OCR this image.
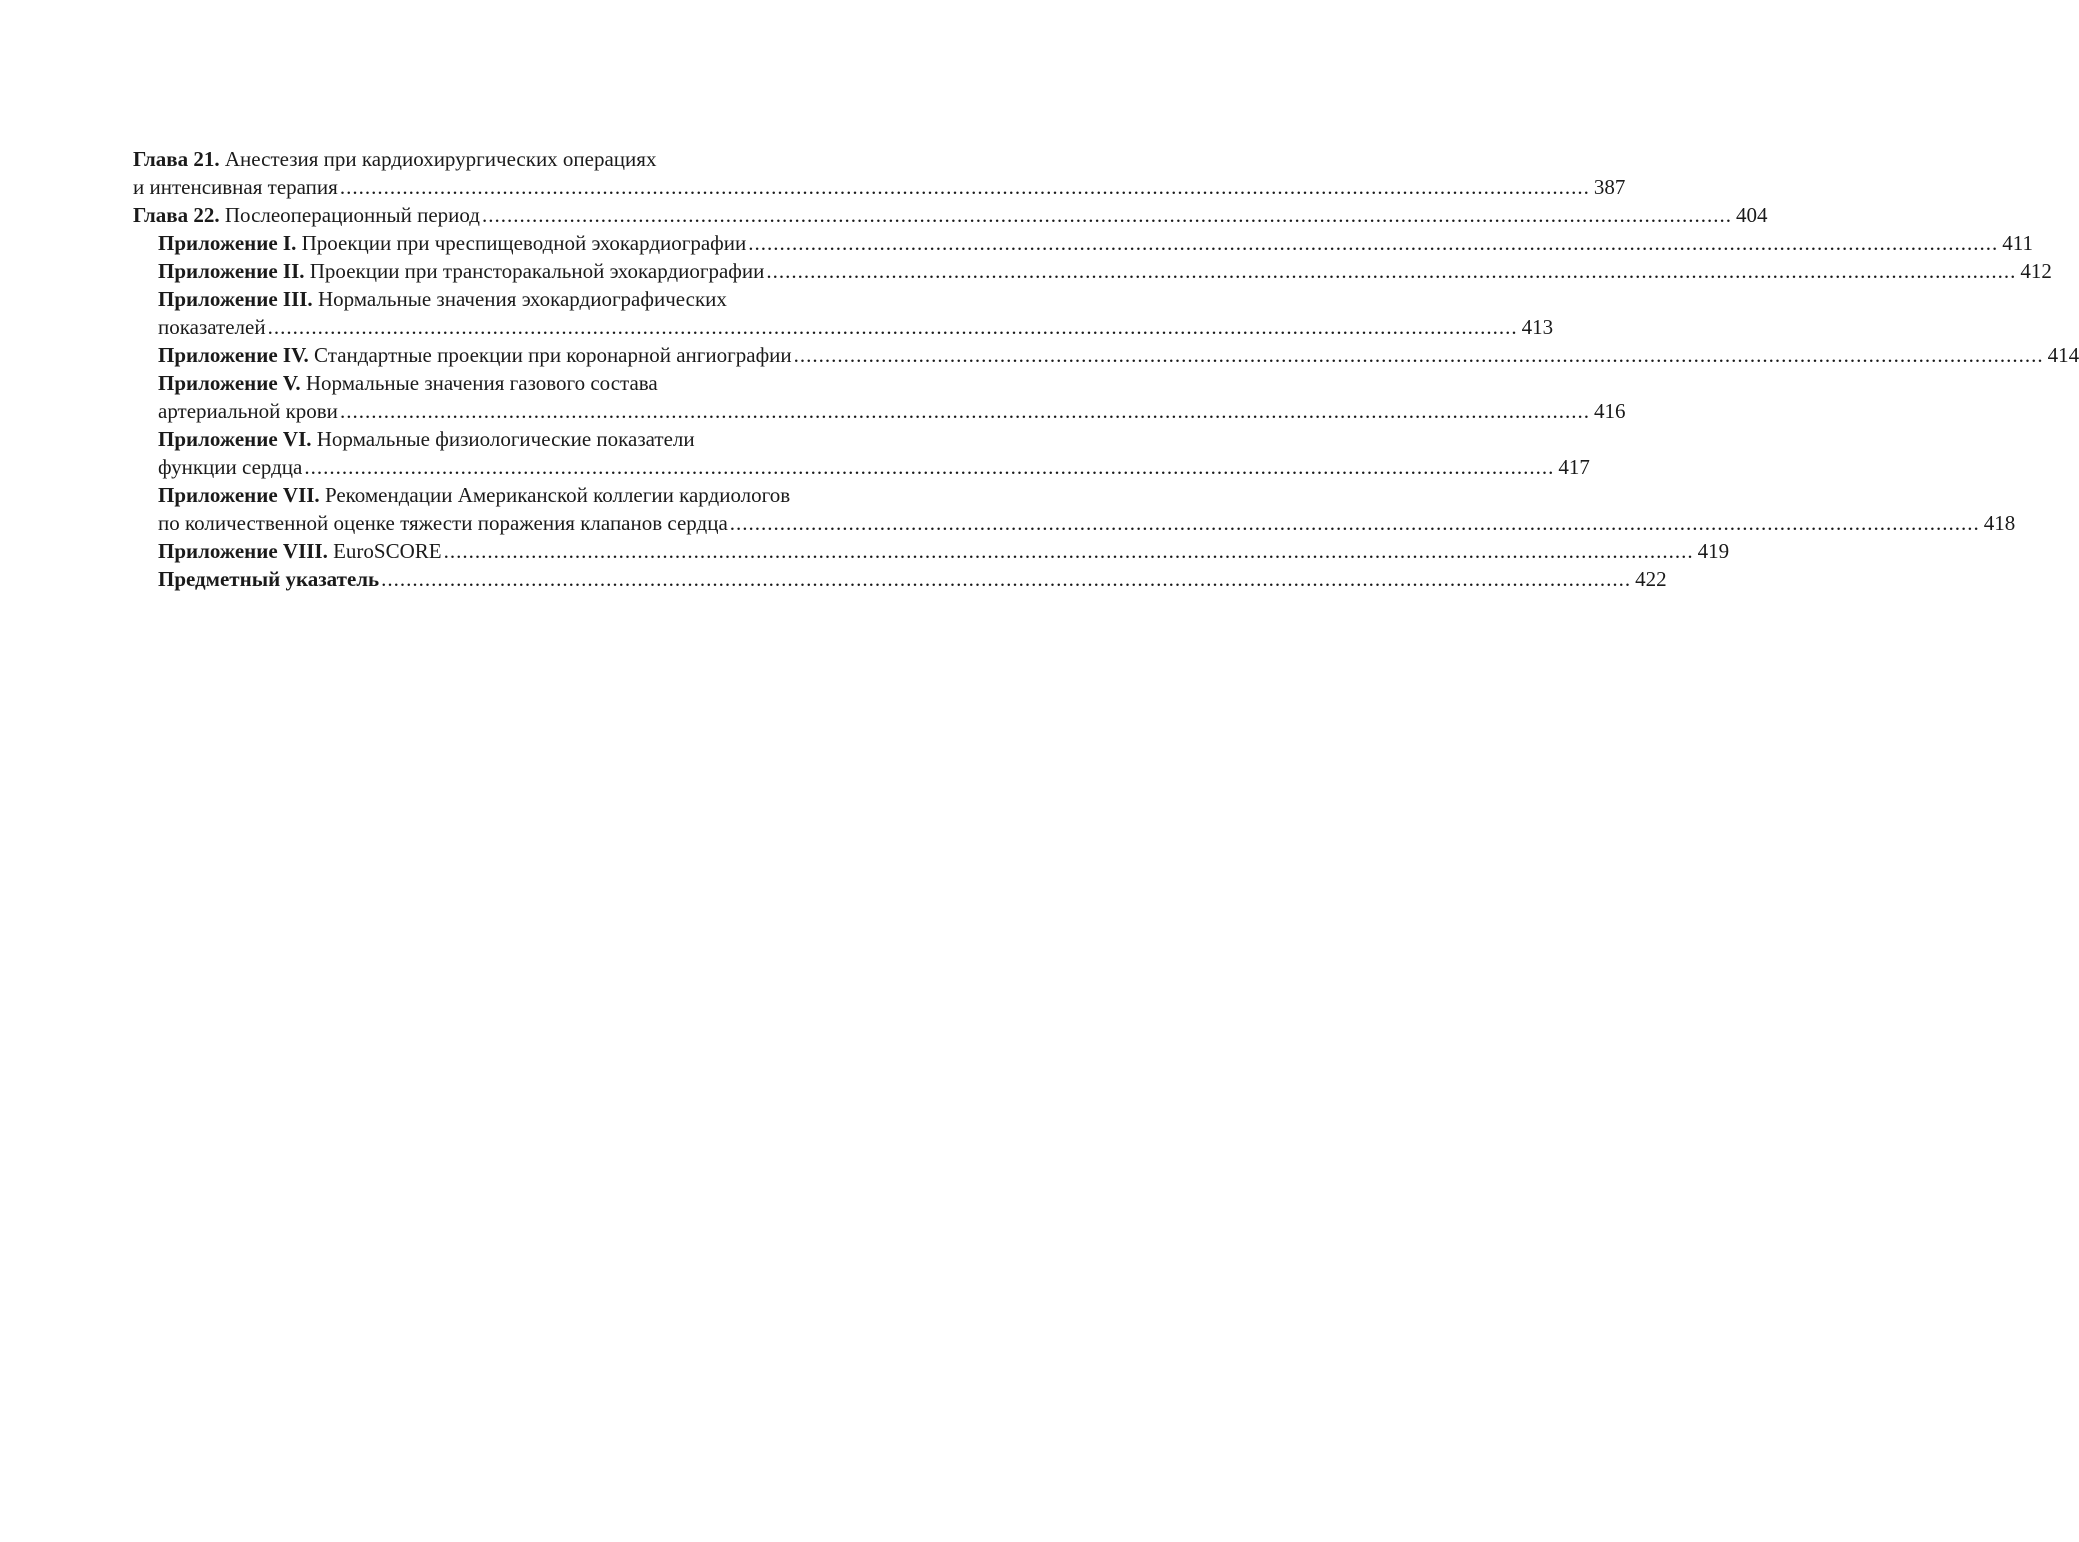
Глава 21. Анестезия при кардиохирургических операциях
и интенсивная терапия ........................................................................................................................................................................................................ 387
Глава 22. Послеоперационный период ........................................................................................................................................................................................................ 404
Приложение I. Проекции при чреспищеводной эхокардиографии ........................................................................................................................................................................................................ 411
Приложение II. Проекции при трансторакальной эхокардиографии ........................................................................................................................................................................................................ 412
Приложение III. Нормальные значения эхокардиографических
показателей ........................................................................................................................................................................................................ 413
Приложение IV. Стандартные проекции при коронарной ангиографии ........................................................................................................................................................................................................ 414
Приложение V. Нормальные значения газового состава
артериальной крови ........................................................................................................................................................................................................ 416
Приложение VI. Нормальные физиологические показатели
функции сердца ........................................................................................................................................................................................................ 417
Приложение VII. Рекомендации Американской коллегии кардиологов
по количественной оценке тяжести поражения клапанов сердца ........................................................................................................................................................................................................ 418
Приложение VIII. EuroSCORE ........................................................................................................................................................................................................ 419
Предметный указатель ........................................................................................................................................................................................................ 422
